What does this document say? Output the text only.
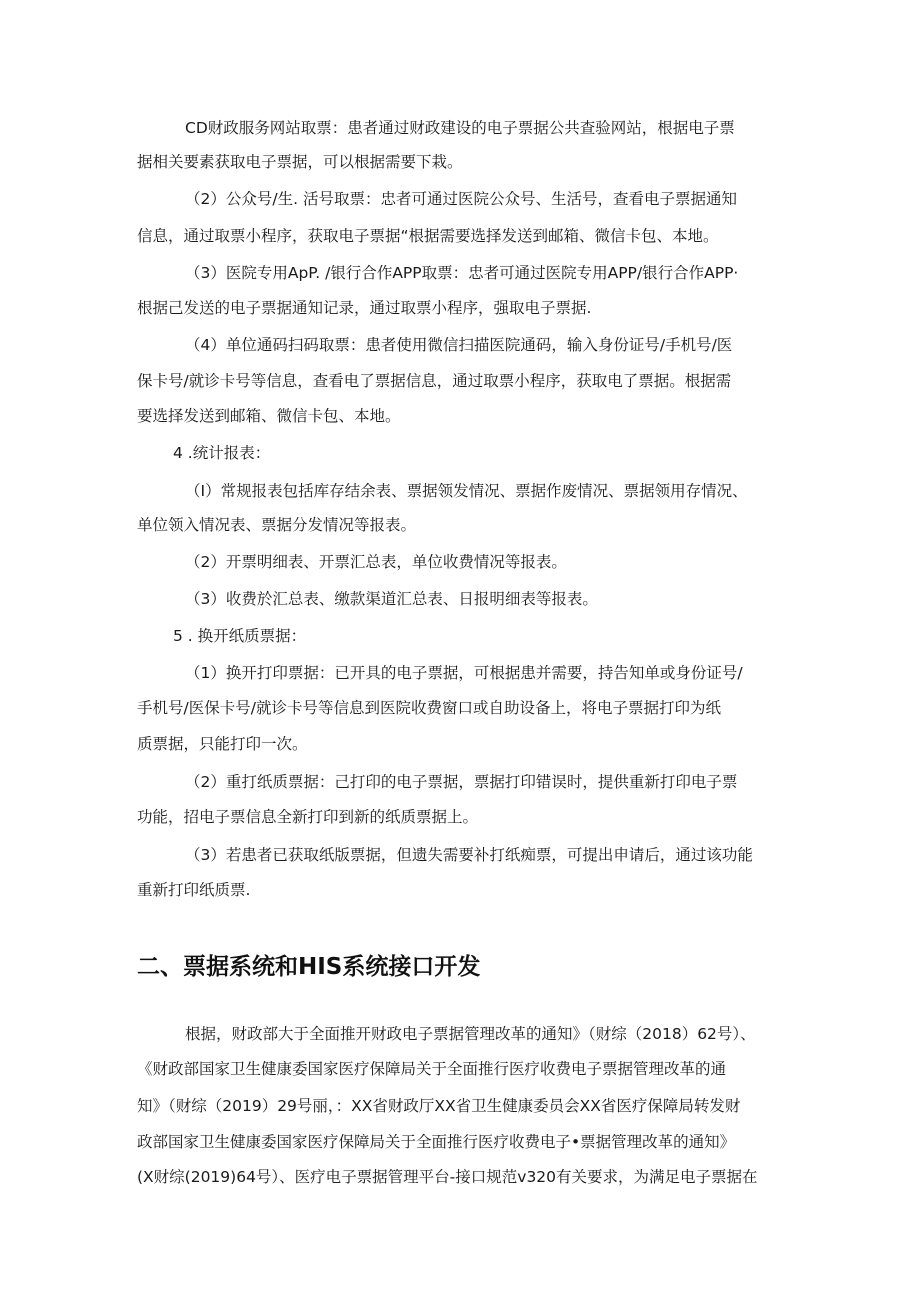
CD财政服务网站取票：患者通过财政建设的电子票据公共查验网站，根据电子票
据相关要素获取电子票据，可以根据需要下栽。
（2）公众号/生. 活号取票：忠者可通过医院公众号、生活号，查看电子票据通知
信息，通过取票小程序，获取电子票据“根据需要选择发送到邮箱、微信卡包、本地。
（3）医院专用ApP. /银行合作APP取票：忠者可通过医院专用APP/银行合作APP·
根据己发送的电子票据通知记录，通过取票小程序，强取电子票据.
（4）单位通码扫码取票：患者使用微信扫描医院通码，输入身份证号/手机号/医
保卡号/就诊卡号等信息，查看电了票据信息，通过取票小程序，获取电了票据。根据需
要选择发送到邮箱、微信卡包、本地。
4 .统计报表：
（I）常规报表包括库存结余表、票据领发情况、票据作废情况、票据领用存情况、
单位领入情况表、票据分发情况等报表。
（2）开票明细表、开票汇总表，单位收费情况等报表。
（3）收费於汇总表、缴款渠道汇总表、日报明细表等报表。
5 . 换开纸质票据：
（1）换开打印票据：已开具的电子票据，可根据患并需要，持告知单或身份证号/
手机号/医保卡号/就诊卡号等信息到医院收费窗口或自助设备上，将电子票据打印为纸
质票据，只能打印一次。
（2）重打纸质票据：己打印的电子票据，票据打印错误时，提供重新打印电子票
功能，招电子票信息全新打印到新的纸质票据上。
（3）若患者已获取纸版票据，但遗失需要补打纸痴票，可提出申请后，通过该功能
重新打印纸质票.
二、票据系统和HIS系统接口开发
根据，财政部大于全面推开财政电子票据管理改革的通知》（财综（2018）62号）、
《财政部国家卫生健康委国家医疗保障局关于全面推行医疗收费电子票据管理改革的通
知》（财综（2019）29号丽，：XX省财政厅XX省卫生健康委员会XX省医疗保障局转发财
政部国家卫生健康委国家医疗保障局关于全面推行医疗收费电子•票据管理改革的通知》
(X财综(2019)64号）、医疗电子票据管理平台-接口规范v320有关要求，为满足电子票据在
